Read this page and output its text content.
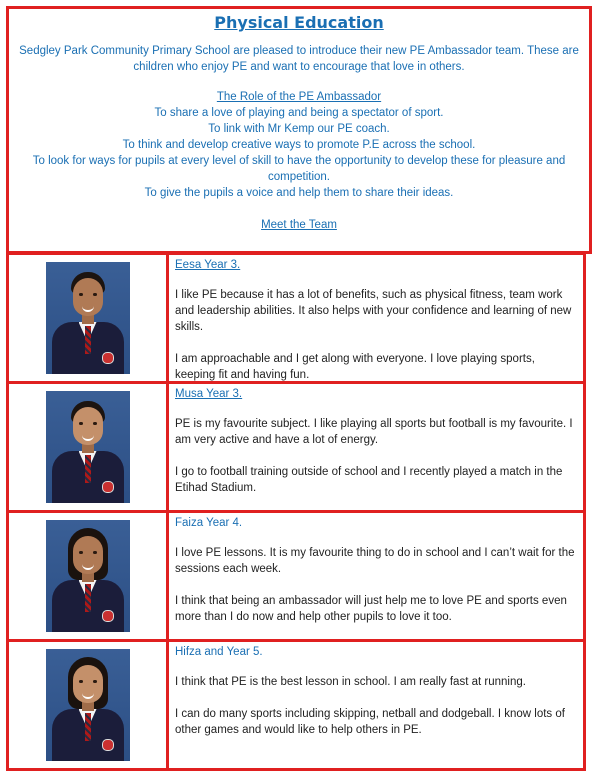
Physical Education
Sedgley Park Community Primary School are pleased to introduce their new PE Ambassador team. These are children who enjoy PE and want to encourage that love in others.
The Role of the PE Ambassador
To share a love of playing and being a spectator of sport.
To link with Mr Kemp our PE coach.
To think and develop creative ways to promote P.E across the school.
To look for ways for pupils at every level of skill to have the opportunity to develop these for pleasure and competition.
To give the pupils a voice and help them to share their ideas.
Meet the Team
Eesa Year 3.
I like PE because it has a lot of benefits, such as physical fitness, team work and leadership abilities. It also helps with your confidence and learning of new skills.
I am approachable and I get along with everyone. I love playing sports, keeping fit and having fun.
Musa Year 3.
PE is my favourite subject. I like playing all sports but football is my favourite. I am very active and have a lot of energy.
I go to football training outside of school and I recently played a match in the Etihad Stadium.
Faiza Year 4.
I love PE lessons. It is my favourite thing to do in school and I can’t wait for the sessions each week.
I think that being an ambassador will just help me to love PE and sports even more than I do now and help other pupils to love it too.
Hifza and Year 5.
I think that PE is the best lesson in school. I am really fast at running.
I can do many sports including skipping, netball and dodgeball. I know lots of other games and would like to help others in PE.
